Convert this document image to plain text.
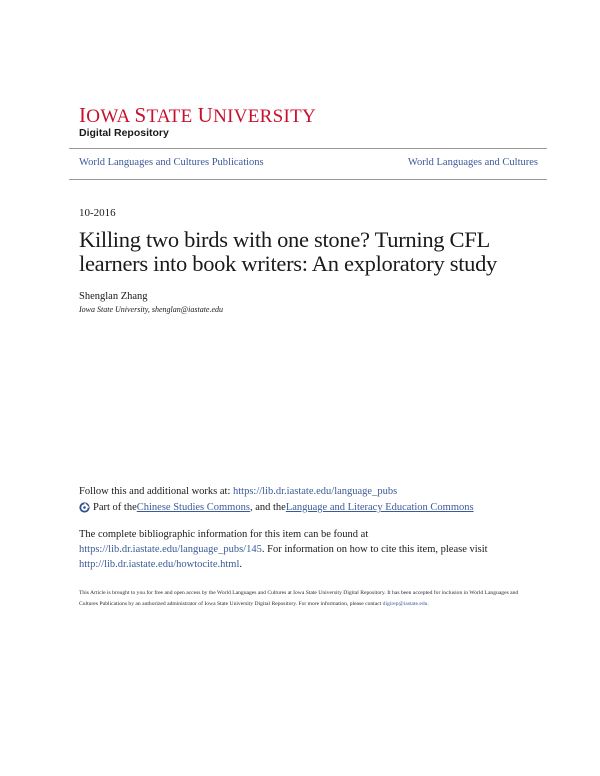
IOWA STATE UNIVERSITY
Digital Repository
World Languages and Cultures Publications	World Languages and Cultures
10-2016
Killing two birds with one stone? Turning CFL learners into book writers: An exploratory study
Shenglan Zhang
Iowa State University, shenglan@iastate.edu
Follow this and additional works at: https://lib.dr.iastate.edu/language_pubs
Part of the Chinese Studies Commons , and the Language and Literacy Education Commons
The complete bibliographic information for this item can be found at https://lib.dr.iastate.edu/language_pubs/145. For information on how to cite this item, please visit http://lib.dr.iastate.edu/howtocite.html.
This Article is brought to you for free and open access by the World Languages and Cultures at Iowa State University Digital Repository. It has been accepted for inclusion in World Languages and Cultures Publications by an authorized administrator of Iowa State University Digital Repository. For more information, please contact digirep@iastate.edu.
